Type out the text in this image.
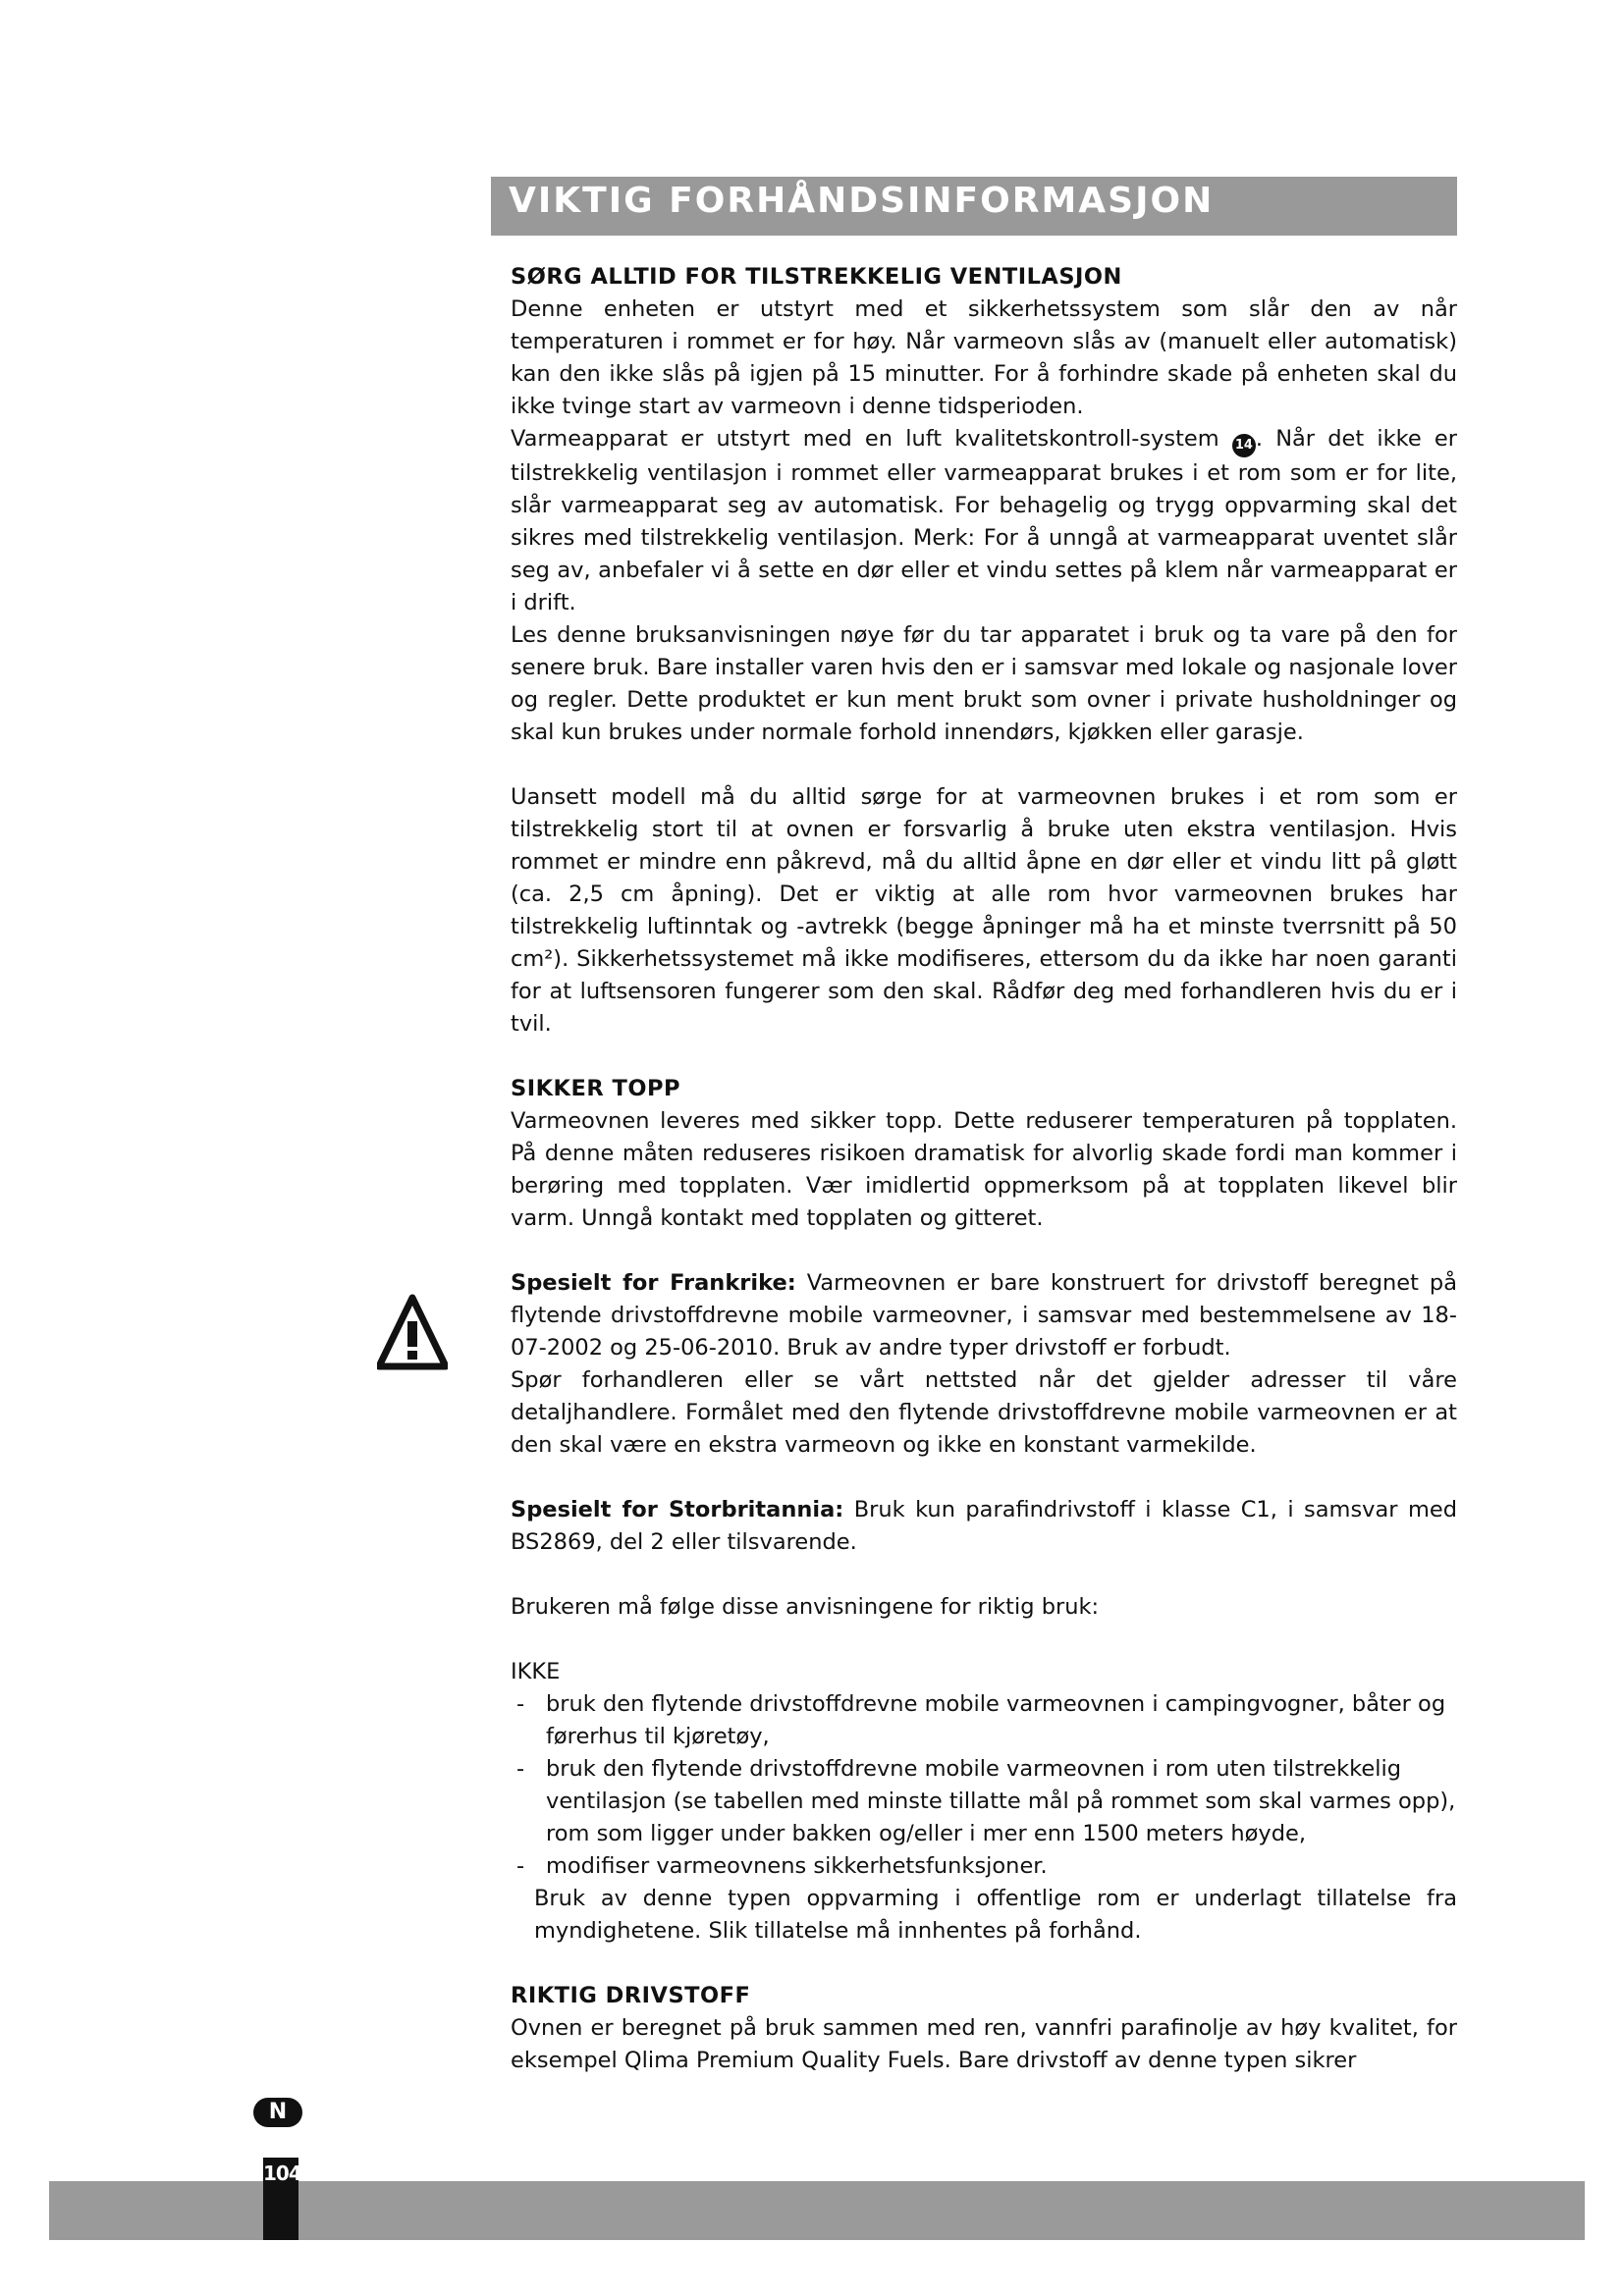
VIKTIG FORHÅNDSINFORMASJON
SØRG ALLTID FOR TILSTREKKELIG VENTILASJON

Denne enheten er utstyrt med et sikkerhetssystem som slår den av når temperaturen i rommet er for høy. Når varmeovn slås av (manuelt eller automatisk) kan den ikke slås på igjen på 15 minutter. For å forhindre skade på enheten skal du ikke tvinge start av varmeovn i denne tidsperioden.

Varmeapparat er utstyrt med en luft kvalitetskontroll-system 14 . Når det ikke er tilstrekkelig ventilasjon i rommet eller varmeapparat brukes i et rom som er for lite, slår varmeapparat seg av automatisk. For behagelig og trygg oppvarming skal det sikres med tilstrekkelig ventilasjon. Merk: For å unngå at varmeapparat uventet slår seg av, anbefaler vi å sette en dør eller et vindu settes på klem når varmeapparat er i drift.

Les denne bruksanvisningen nøye før du tar apparatet i bruk og ta vare på den for senere bruk. Bare installer varen hvis den er i samsvar med lokale og nasjonale lover og regler. Dette produktet er kun ment brukt som ovner i private husholdninger og skal kun brukes under normale forhold innendørs, kjøkken eller garasje.

Uansett modell må du alltid sørge for at varmeovnen brukes i et rom som er tilstrekkelig stort til at ovnen er forsvarlig å bruke uten ekstra ventilasjon. Hvis rommet er mindre enn påkrevd, må du alltid åpne en dør eller et vindu litt på gløtt (ca. 2,5 cm åpning). Det er viktig at alle rom hvor varmeovnen brukes har tilstrekkelig luftinntak og -avtrekk (begge åpninger må ha et minste tverrsnitt på 50 cm²). Sikkerhetssystemet må ikke modifiseres, ettersom du da ikke har noen garanti for at luftsensoren fungerer som den skal. Rådfør deg med forhandleren hvis du er i tvil.

SIKKER TOPP

Varmeovnen leveres med sikker topp. Dette reduserer temperaturen på topplaten. På denne måten reduseres risikoen dramatisk for alvorlig skade fordi man kommer i berøring med topplaten. Vær imidlertid oppmerksom på at topplaten likevel blir varm. Unngå kontakt med topplaten og gitteret.

Spesielt for Frankrike: Varmeovnen er bare konstruert for drivstoff beregnet på flytende drivstoffdrevne mobile varmeovner, i samsvar med bestemmelsene av 18-07-2002 og 25-06-2010. Bruk av andre typer drivstoff er forbudt.

Spør forhandleren eller se vårt nettsted når det gjelder adresser til våre detaljhandlere. Formålet med den flytende drivstoffdrevne mobile varmeovnen er at den skal være en ekstra varmeovn og ikke en konstant varmekilde.

Spesielt for Storbritannia: Bruk kun parafindrivstoff i klasse C1, i samsvar med BS2869, del 2 eller tilsvarende.

Brukeren må følge disse anvisningene for riktig bruk:

IKKE

- bruk den flytende drivstoffdrevne mobile varmeovnen i campingvogner, båter og førerhus til kjøretøy,
- bruk den flytende drivstoffdrevne mobile varmeovnen i rom uten tilstrekkelig ventilasjon (se tabellen med minste tillatte mål på rommet som skal varmes opp), rom som ligger under bakken og/eller i mer enn 1500 meters høyde,
- modifiser varmeovnens sikkerhetsfunksjoner.

Bruk av denne typen oppvarming i offentlige rom er underlagt tillatelse fra myndighetene. Slik tillatelse må innhentes på forhånd.

RIKTIG DRIVSTOFF

Ovnen er beregnet på bruk sammen med ren, vannfri parafinolje av høy kvalitet, for eksempel Qlima Premium Quality Fuels. Bare drivstoff av denne typen sikrer

N
104
